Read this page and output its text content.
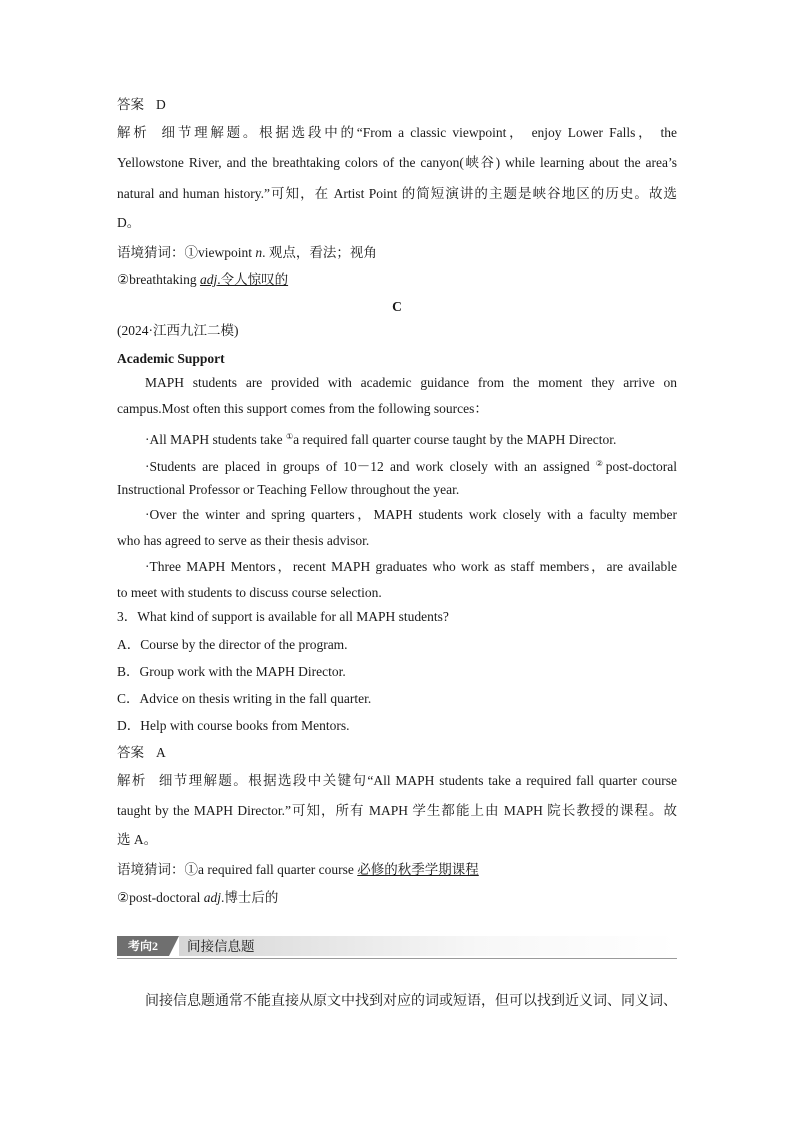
答案 D
解析 细节理解题。根据选段中的“From a classic viewpoint， enjoy Lower Falls， the
Yellowstone River, and the breathtaking colors of the canyon(峡谷) while learning about the area’s
natural and human history.”可知，在 Artist Point 的简短演讲的主题是峡谷地区的历史。故选
D。
语境猜词：①viewpoint n. 观点，看法；视角
②breathtaking adj.令人惊叹的
C
(2024·江西九江二模)
Academic Support
MAPH students are provided with academic guidance from the moment they arrive on
campus.Most often this support comes from the following sources：
·All MAPH students take ①a required fall quarter course taught by the MAPH Director.
·Students are placed in groups of 10－12 and work closely with an assigned ②post-doctoral
Instructional Professor or Teaching Fellow throughout the year.
·Over the winter and spring quarters，MAPH students work closely with a faculty member
who has agreed to serve as their thesis advisor.
·Three MAPH Mentors，recent MAPH graduates who work as staff members，are available
to meet with students to discuss course selection.
3．What kind of support is available for all MAPH students?
A．Course by the director of the program.
B．Group work with the MAPH Director.
C．Advice on thesis writing in the fall quarter.
D．Help with course books from Mentors.
答案 A
解析 细节理解题。根据选段中关键句“All MAPH students take a required fall quarter course
taught by the MAPH Director.”可知，所有 MAPH 学生都能上由 MAPH 院长教授的课程。故
选 A。
语境猜词：①a required fall quarter course 必修的秋季学期课程
②post-doctoral adj.博士后的
考向2	间接信息题
间接信息题通常不能直接从原文中找到对应的词或短语，但可以找到近义词、同义词、
